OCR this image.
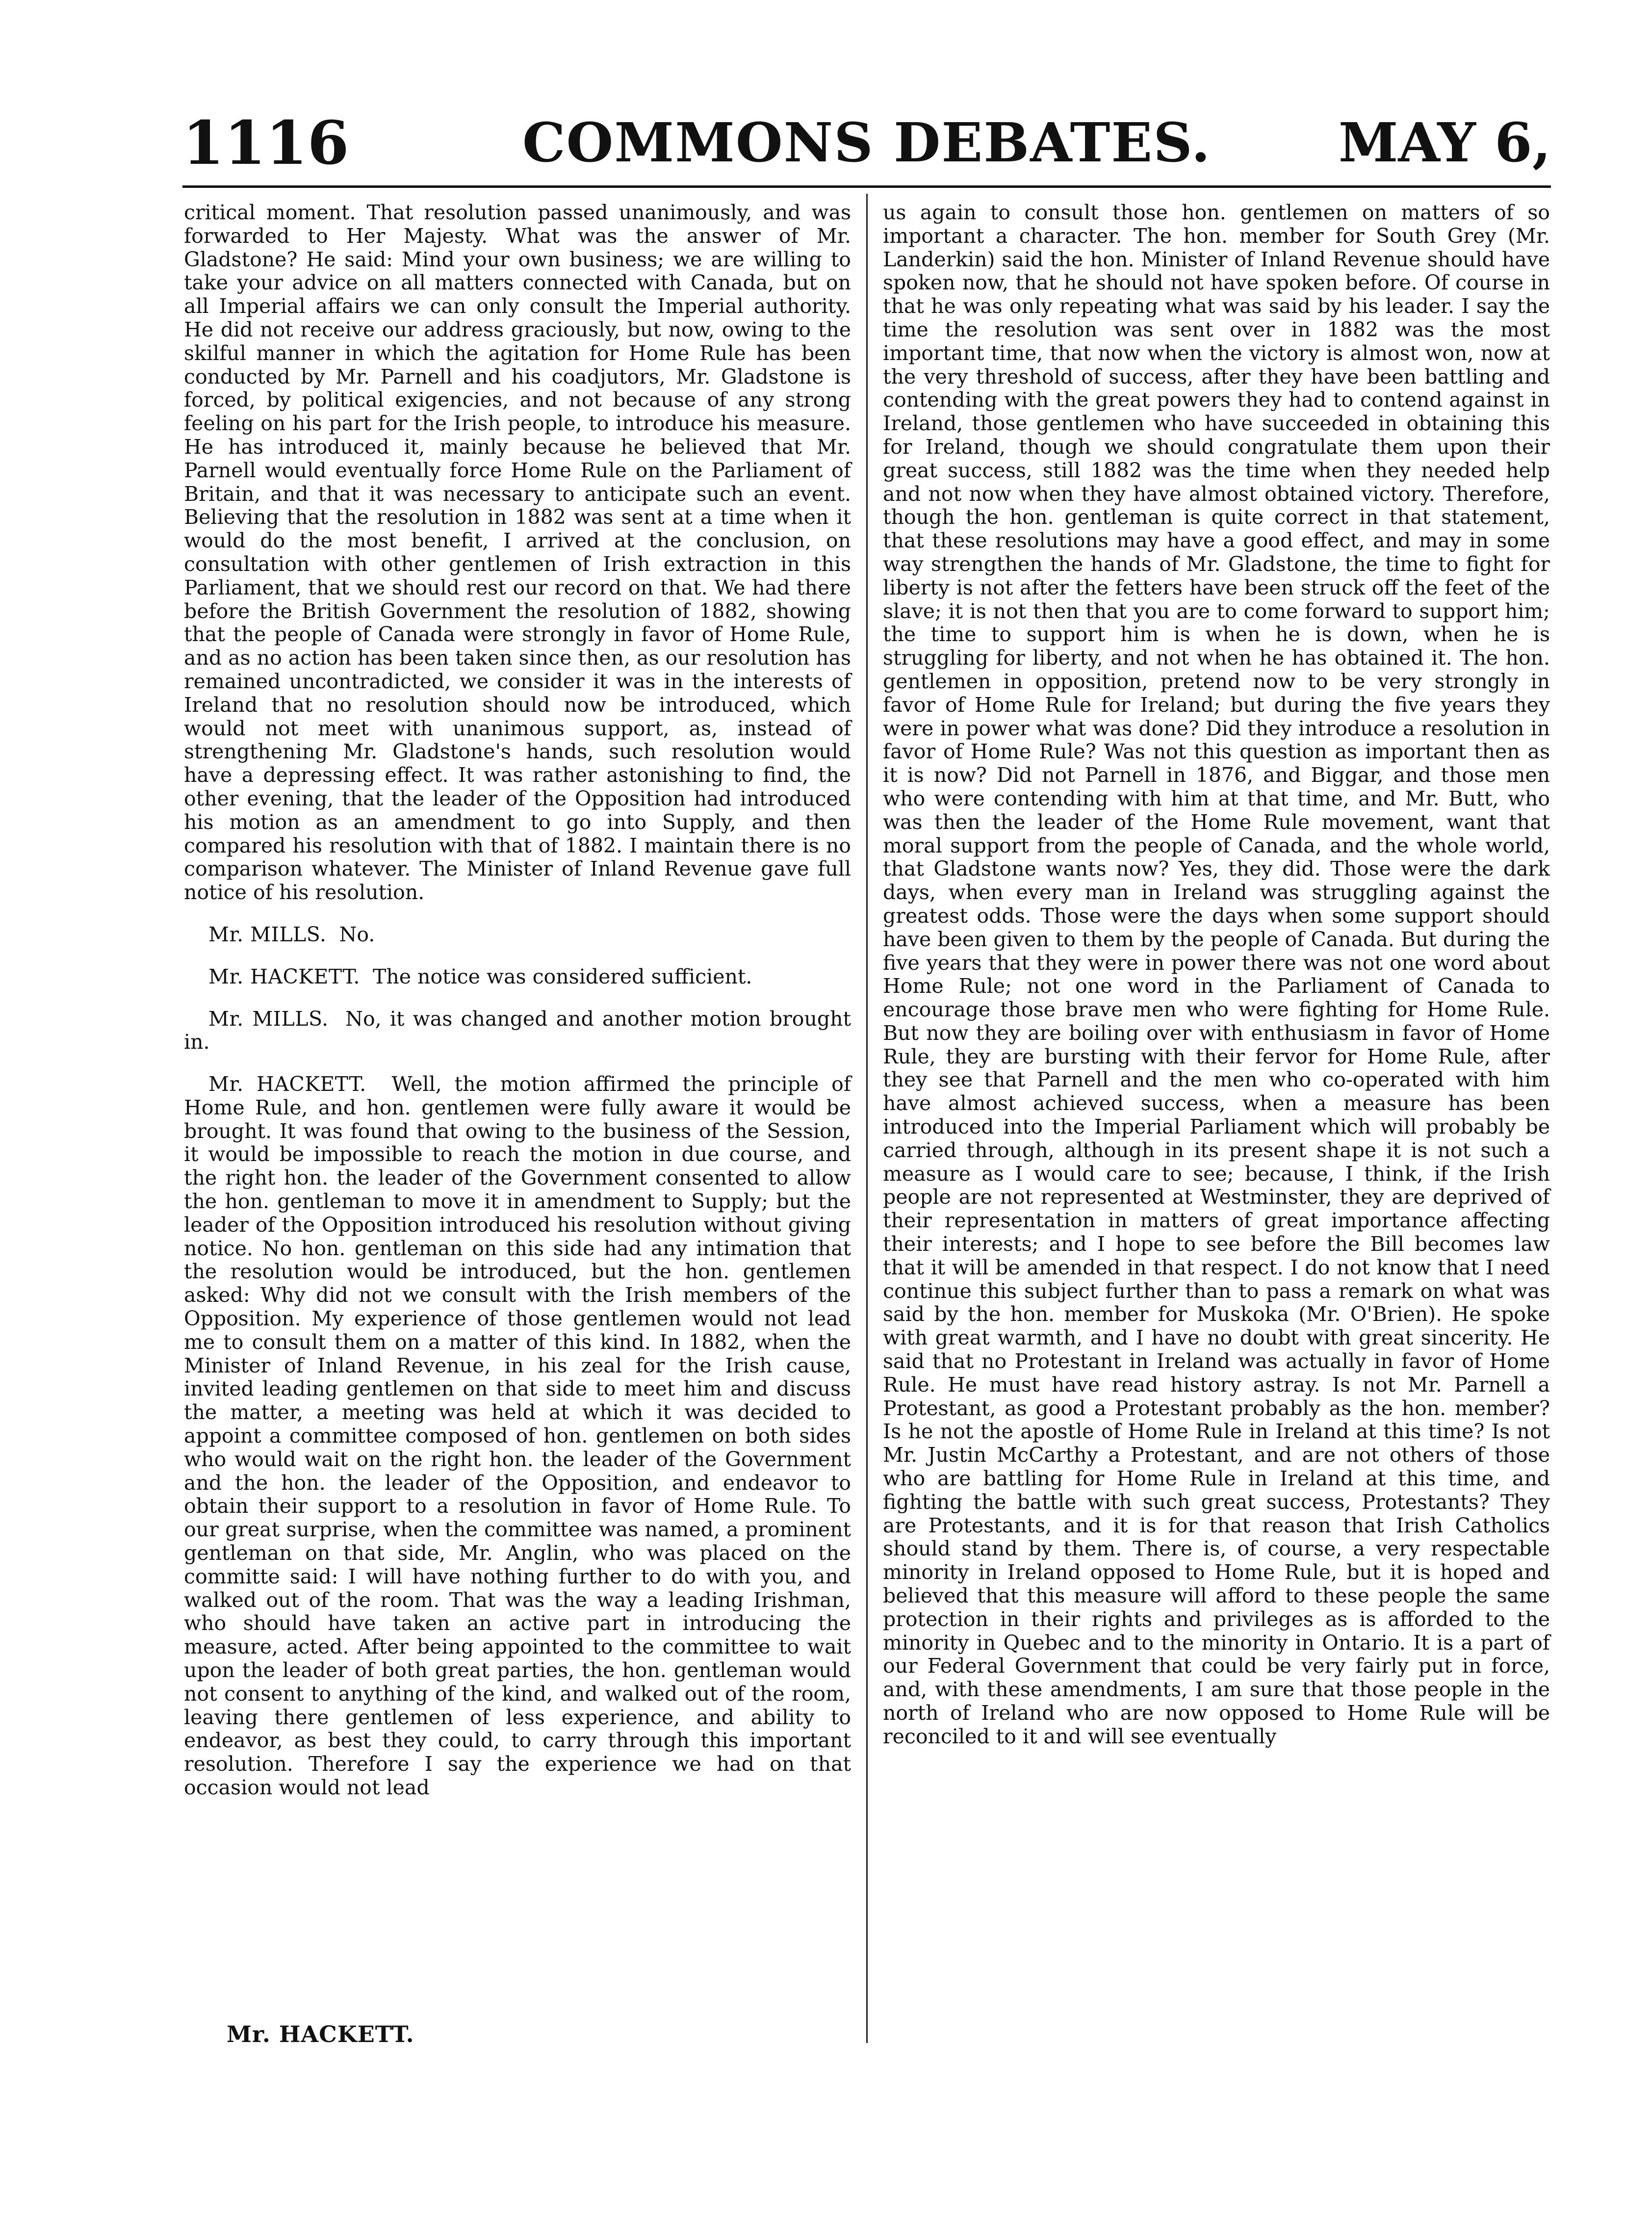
1116	COMMONS DEBATES.	MAY 6,

critical moment. That resolution passed unanimously, and was forwarded to Her Majesty. What was the answer of Mr. Gladstone? He said: Mind your own business; we are willing to take your advice on all matters connected with Canada, but on all Imperial affairs we can only consult the Imperial authority. He did not receive our address graciously, but now, owing to the skilful manner in which the agitation for Home Rule has been conducted by Mr. Parnell and his coadjutors, Mr. Gladstone is forced, by political exigencies, and not because of any strong feeling on his part for the Irish people, to introduce his measure. He has introduced it, mainly because he believed that Mr. Parnell would eventually force Home Rule on the Parliament of Britain, and that it was necessary to anticipate such an event. Believing that the resolution in 1882 was sent at a time when it would do the most benefit, I arrived at the conclusion, on consultation with other gentlemen of Irish extraction in this Parliament, that we should rest our record on that. We had there before the British Government the resolution of 1882, showing that the people of Canada were strongly in favor of Home Rule, and as no action has been taken since then, as our resolution has remained uncontradicted, we consider it was in the interests of Ireland that no resolution should now be introduced, which would not meet with unanimous support, as, instead of strengthening Mr. Gladstone's hands, such resolution would have a depressing effect. It was rather astonishing to find, the other evening, that the leader of the Opposition had introduced his motion as an amendment to go into Supply, and then compared his resolution with that of 1882. I maintain there is no comparison whatever. The Minister of Inland Revenue gave full notice of his resolution.

Mr. MILLS. No.

Mr. HACKETT. The notice was considered sufficient.

Mr. MILLS. No, it was changed and another motion brought in.

Mr. HACKETT. Well, the motion affirmed the principle of Home Rule, and hon. gentlemen were fully aware it would be brought. It was found that owing to the business of the Session, it would be impossible to reach the motion in due course, and the right hon. the leader of the Government consented to allow the hon. gentleman to move it in amendment to Supply; but the leader of the Opposition introduced his resolution without giving notice. No hon. gentleman on this side had any intimation that the resolution would be introduced, but the hon. gentlemen asked: Why did not we consult with the Irish members of the Opposition. My experience of those gentlemen would not lead me to consult them on a matter of this kind. In 1882, when the Minister of Inland Revenue, in his zeal for the Irish cause, invited leading gentlemen on that side to meet him and discuss the matter, a meeting was held at which it was decided to appoint a committee composed of hon. gentlemen on both sides who would wait on the right hon. the leader of the Government and the hon. the leader of the Opposition, and endeavor to obtain their support to a resolution in favor of Home Rule. To our great surprise, when the committee was named, a prominent gentleman on that side, Mr. Anglin, who was placed on the committe said: I will have nothing further to do with you, and walked out of the room. That was the way a leading Irishman, who should have taken an active part in introducing the measure, acted. After being appointed to the committee to wait upon the leader of both great parties, the hon. gentleman would not consent to anything of the kind, and walked out of the room, leaving there gentlemen of less experience, and ability to endeavor, as best they could, to carry through this important resolution. Therefore I say the experience we had on that occasion would not lead

us again to consult those hon. gentlemen on matters of so important a character. The hon. member for South Grey (Mr. Landerkin) said the hon. Minister of Inland Revenue should have spoken now, that he should not have spoken before. Of course in that he was only repeating what was said by his leader. I say the time the resolution was sent over in 1882 was the most important time, that now when the victory is almost won, now at the very threshold of success, after they have been battling and contending with the great powers they had to contend against in Ireland, those gentlemen who have succeeded in obtaining this for Ireland, though we should congratulate them upon their great success, still 1882 was the time when they needed help and not now when they have almost obtained victory. Therefore, though the hon. gentleman is quite correct in that statement, that these resolutions may have a good effect, and may in some way strengthen the hands of Mr. Gladstone, the time to fight for liberty is not after the fetters have been struck off the feet of the slave; it is not then that you are to come forward to support him; the time to support him is when he is down, when he is struggling for liberty, and not when he has obtained it. The hon. gentlemen in opposition, pretend now to be very strongly in favor of Home Rule for Ireland; but during the five years they were in power what was done? Did they introduce a resolution in favor of Home Rule? Was not this question as important then as it is now? Did not Parnell in 1876, and Biggar, and those men who were contending with him at that time, and Mr. Butt, who was then the leader of the Home Rule movement, want that moral support from the people of Canada, and the whole world, that Gladstone wants now? Yes, they did. Those were the dark days, when every man in Ireland was struggling against the greatest odds. Those were the days when some support should have been given to them by the people of Canada. But during the five years that they were in power there was not one word about Home Rule; not one word in the Parliament of Canada to encourage those brave men who were fighting for Home Rule. But now they are boiling over with enthusiasm in favor of Home Rule, they are bursting with their fervor for Home Rule, after they see that Parnell and the men who co-operated with him have almost achieved success, when a measure has been introduced into the Imperial Parliament which will probably be carried through, although in its present shape it is not such a measure as I would care to see; because, I think, if the Irish people are not represented at Westminster, they are deprived of their representation in matters of great importance affecting their interests; and I hope to see before the Bill becomes law that it will be amended in that respect. I do not know that I need continue this subject further than to pass a remark on what was said by the hon. member for Muskoka (Mr. O'Brien). He spoke with great warmth, and I have no doubt with great sincerity. He said that no Protestant in Ireland was actually in favor of Home Rule. He must have read history astray. Is not Mr. Parnell a Protestant, as good a Protestant probably as the hon. member? Is he not the apostle of Home Rule in Ireland at this time? Is not Mr. Justin McCarthy a Protestant, and are not others of those who are battling for Home Rule in Ireland at this time, and fighting the battle with such great success, Protestants? They are Protestants, and it is for that reason that Irish Catholics should stand by them. There is, of course, a very respectable minority in Ireland opposed to Home Rule, but it is hoped and believed that this measure will afford to these people the same protection in their rights and privileges as is afforded to the minority in Quebec and to the minority in Ontario. It is a part of our Federal Government that could be very fairly put in force, and, with these amendments, I am sure that those people in the north of Ireland who are now opposed to Home Rule will be reconciled to it and will see eventually

Mr. HACKETT.
